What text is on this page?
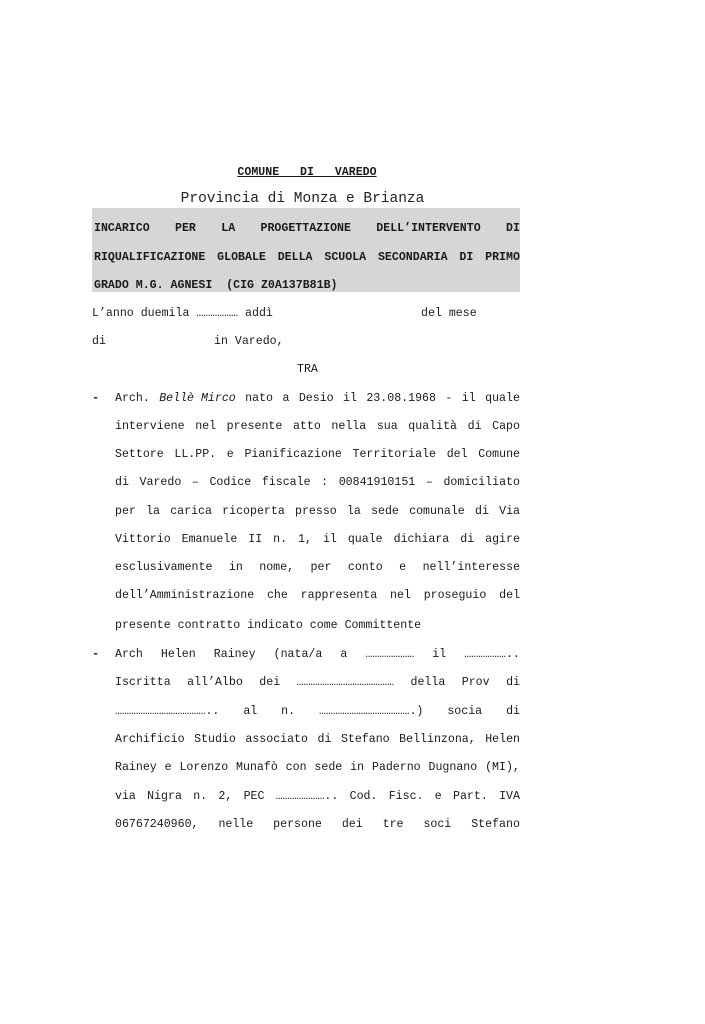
COMUNE   DI   VAREDO
Provincia di Monza e Brianza
INCARICO PER LA PROGETTAZIONE DELL’INTERVENTO DI
RIQUALIFICAZIONE GLOBALE DELLA SCUOLA SECONDARIA DI PRIMO
GRADO M.G. AGNESI  (CIG Z0A137B81B)
L’anno duemila ……………… addì	del mese
di	in Varedo,
TRA
- Arch. Bellè Mirco nato a Desio il 23.08.1968 - il quale
interviene nel presente atto nella sua qualità di Capo
Settore LL.PP. e Pianificazione Territoriale del Comune
di Varedo – Codice fiscale : 00841910151 – domiciliato
per la carica ricoperta presso la sede comunale di Via
Vittorio Emanuele II n. 1, il quale dichiara di agire
esclusivamente in nome, per conto e nell’interesse
dell’Amministrazione che rappresenta nel proseguio del
presente contratto indicato come Committente
- Arch Helen Rainey (nata/a a ………………… il ………………..
Iscritta all’Albo dei …………………………………… della Prov di
………………………………….. al n. ………………………………….) socia di
Archificio Studio associato di Stefano Bellinzona, Helen
Rainey e Lorenzo Munafò con sede in Paderno Dugnano (MI),
via Nigra n. 2, PEC ………………….. Cod. Fisc. e Part. IVA
06767240960, nelle persone dei tre soci Stefano
